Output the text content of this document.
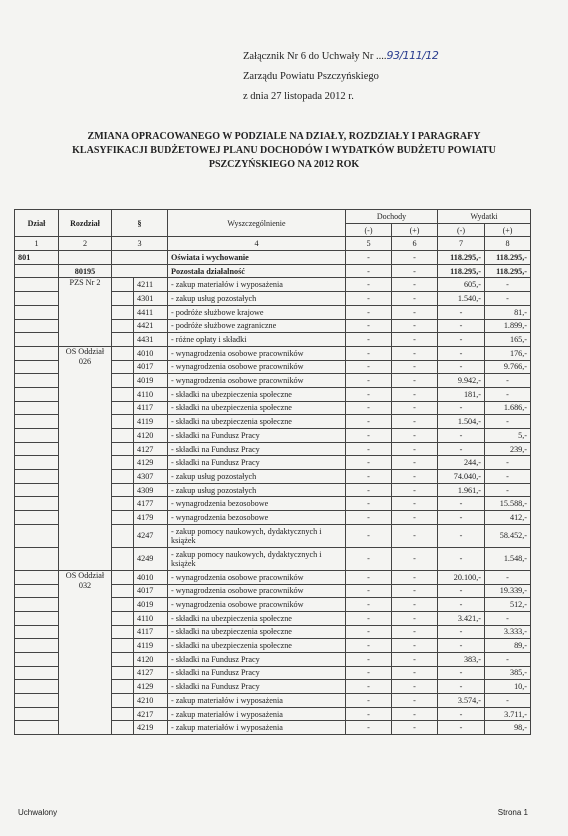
Załącznik Nr 6 do Uchwały Nr ....93/111/12
Zarządu Powiatu Pszczyńskiego
z dnia 27 listopada 2012 r.
ZMIANA OPRACOWANEGO W PODZIALE NA DZIAŁY, ROZDZIAŁY I PARAGRAFY
KLASYFIKACJI BUDŻETOWEJ PLANU DOCHODÓW I WYDATKÓW BUDŻETU POWIATU
PSZCZYŃSKIEGO NA 2012 ROK
Dział	Rozdział	§		Wyszczególnienie	Dochody		Wydatki	
					(-)	(+)	(-)	(+)
1	2	3		4	5	6	7	8
801				Oświata i wychowanie	-	-	118.295,-	118.295,-
	80195			Pozostała działalność	-	-	118.295,-	118.295,-
	PZS Nr 2		4211	- zakup materiałów i wyposażenia	-	-	605,-	-
			4301	- zakup usług pozostałych	-	-	1.540,-	-
			4411	- podróże służbowe krajowe	-	-	-	81,-
			4421	- podróże służbowe zagraniczne	-	-	-	1.899,-
			4431	- różne opłaty i składki	-	-	-	165,-
	OS Oddział 026		4010	- wynagrodzenia osobowe pracowników	-	-	-	176,-
			4017	- wynagrodzenia osobowe pracowników	-	-	-	9.766,-
			4019	- wynagrodzenia osobowe pracowników	-	-	9.942,-	-
			4110	- składki na ubezpieczenia społeczne	-	-	181,-	-
			4117	- składki na ubezpieczenia społeczne	-	-	-	1.686,-
			4119	- składki na ubezpieczenia społeczne	-	-	1.504,-	-
			4120	- składki na Fundusz Pracy	-	-	-	5,-
			4127	- składki na Fundusz Pracy	-	-	-	239,-
			4129	- składki na Fundusz Pracy	-	-	244,-	-
			4307	- zakup usług pozostałych	-	-	74.040,-	-
			4309	- zakup usług pozostałych	-	-	1.961,-	-
			4177	- wynagrodzenia bezosobowe	-	-	-	15.588,-
			4179	- wynagrodzenia bezosobowe	-	-	-	412,-
			4247	- zakup pomocy naukowych, dydaktycznych i książek	-	-	-	58.452,-
			4249	- zakup pomocy naukowych, dydaktycznych i książek	-	-	-	1.548,-
	OS Oddział 032		4010	- wynagrodzenia osobowe pracowników	-	-	20.100,-	-
			4017	- wynagrodzenia osobowe pracowników	-	-	-	19.339,-
			4019	- wynagrodzenia osobowe pracowników	-	-	-	512,-
			4110	- składki na ubezpieczenia społeczne	-	-	3.421,-	-
			4117	- składki na ubezpieczenia społeczne	-	-	-	3.333,-
			4119	- składki na ubezpieczenia społeczne	-	-	-	89,-
			4120	- składki na Fundusz Pracy	-	-	383,-	-
			4127	- składki na Fundusz Pracy	-	-	-	385,-
			4129	- składki na Fundusz Pracy	-	-	-	10,-
			4210	- zakup materiałów i wyposażenia	-	-	3.574,-	-
			4217	- zakup materiałów i wyposażenia	-	-	-	3.711,-
			4219	- zakup materiałów i wyposażenia	-	-	-	98,-
Uchwalony	Strona 1
